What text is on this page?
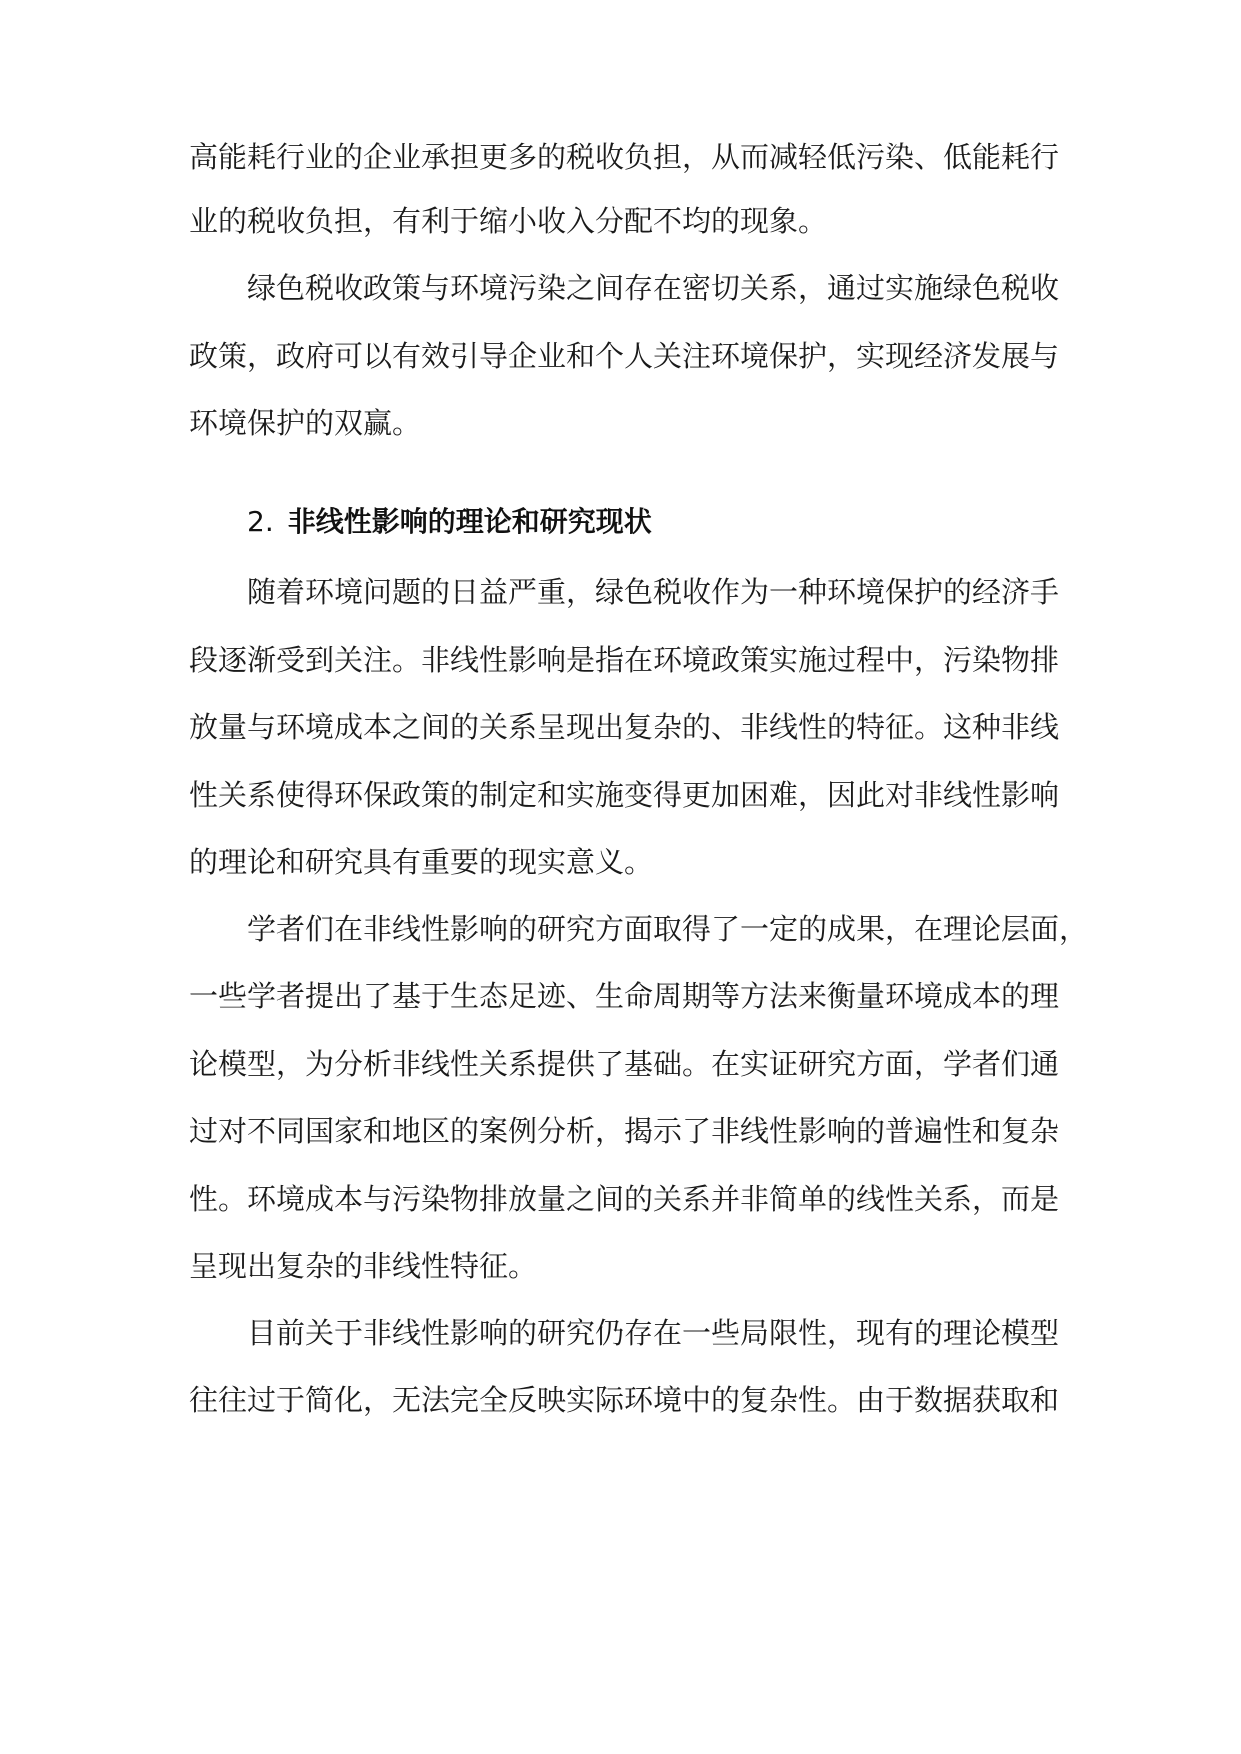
高能耗行业的企业承担更多的税收负担，从而减轻低污染、低能耗行
业的税收负担，有利于缩小收入分配不均的现象。
绿色税收政策与环境污染之间存在密切关系，通过实施绿色税收
政策，政府可以有效引导企业和个人关注环境保护，实现经济发展与
环境保护的双赢。
2. 非线性影响的理论和研究现状
随着环境问题的日益严重，绿色税收作为一种环境保护的经济手
段逐渐受到关注。非线性影响是指在环境政策实施过程中，污染物排
放量与环境成本之间的关系呈现出复杂的、非线性的特征。这种非线
性关系使得环保政策的制定和实施变得更加困难，因此对非线性影响
的理论和研究具有重要的现实意义。
学者们在非线性影响的研究方面取得了一定的成果，在理论层面，
一些学者提出了基于生态足迹、生命周期等方法来衡量环境成本的理
论模型，为分析非线性关系提供了基础。在实证研究方面，学者们通
过对不同国家和地区的案例分析，揭示了非线性影响的普遍性和复杂
性。环境成本与污染物排放量之间的关系并非简单的线性关系，而是
呈现出复杂的非线性特征。
目前关于非线性影响的研究仍存在一些局限性，现有的理论模型
往往过于简化，无法完全反映实际环境中的复杂性。由于数据获取和
